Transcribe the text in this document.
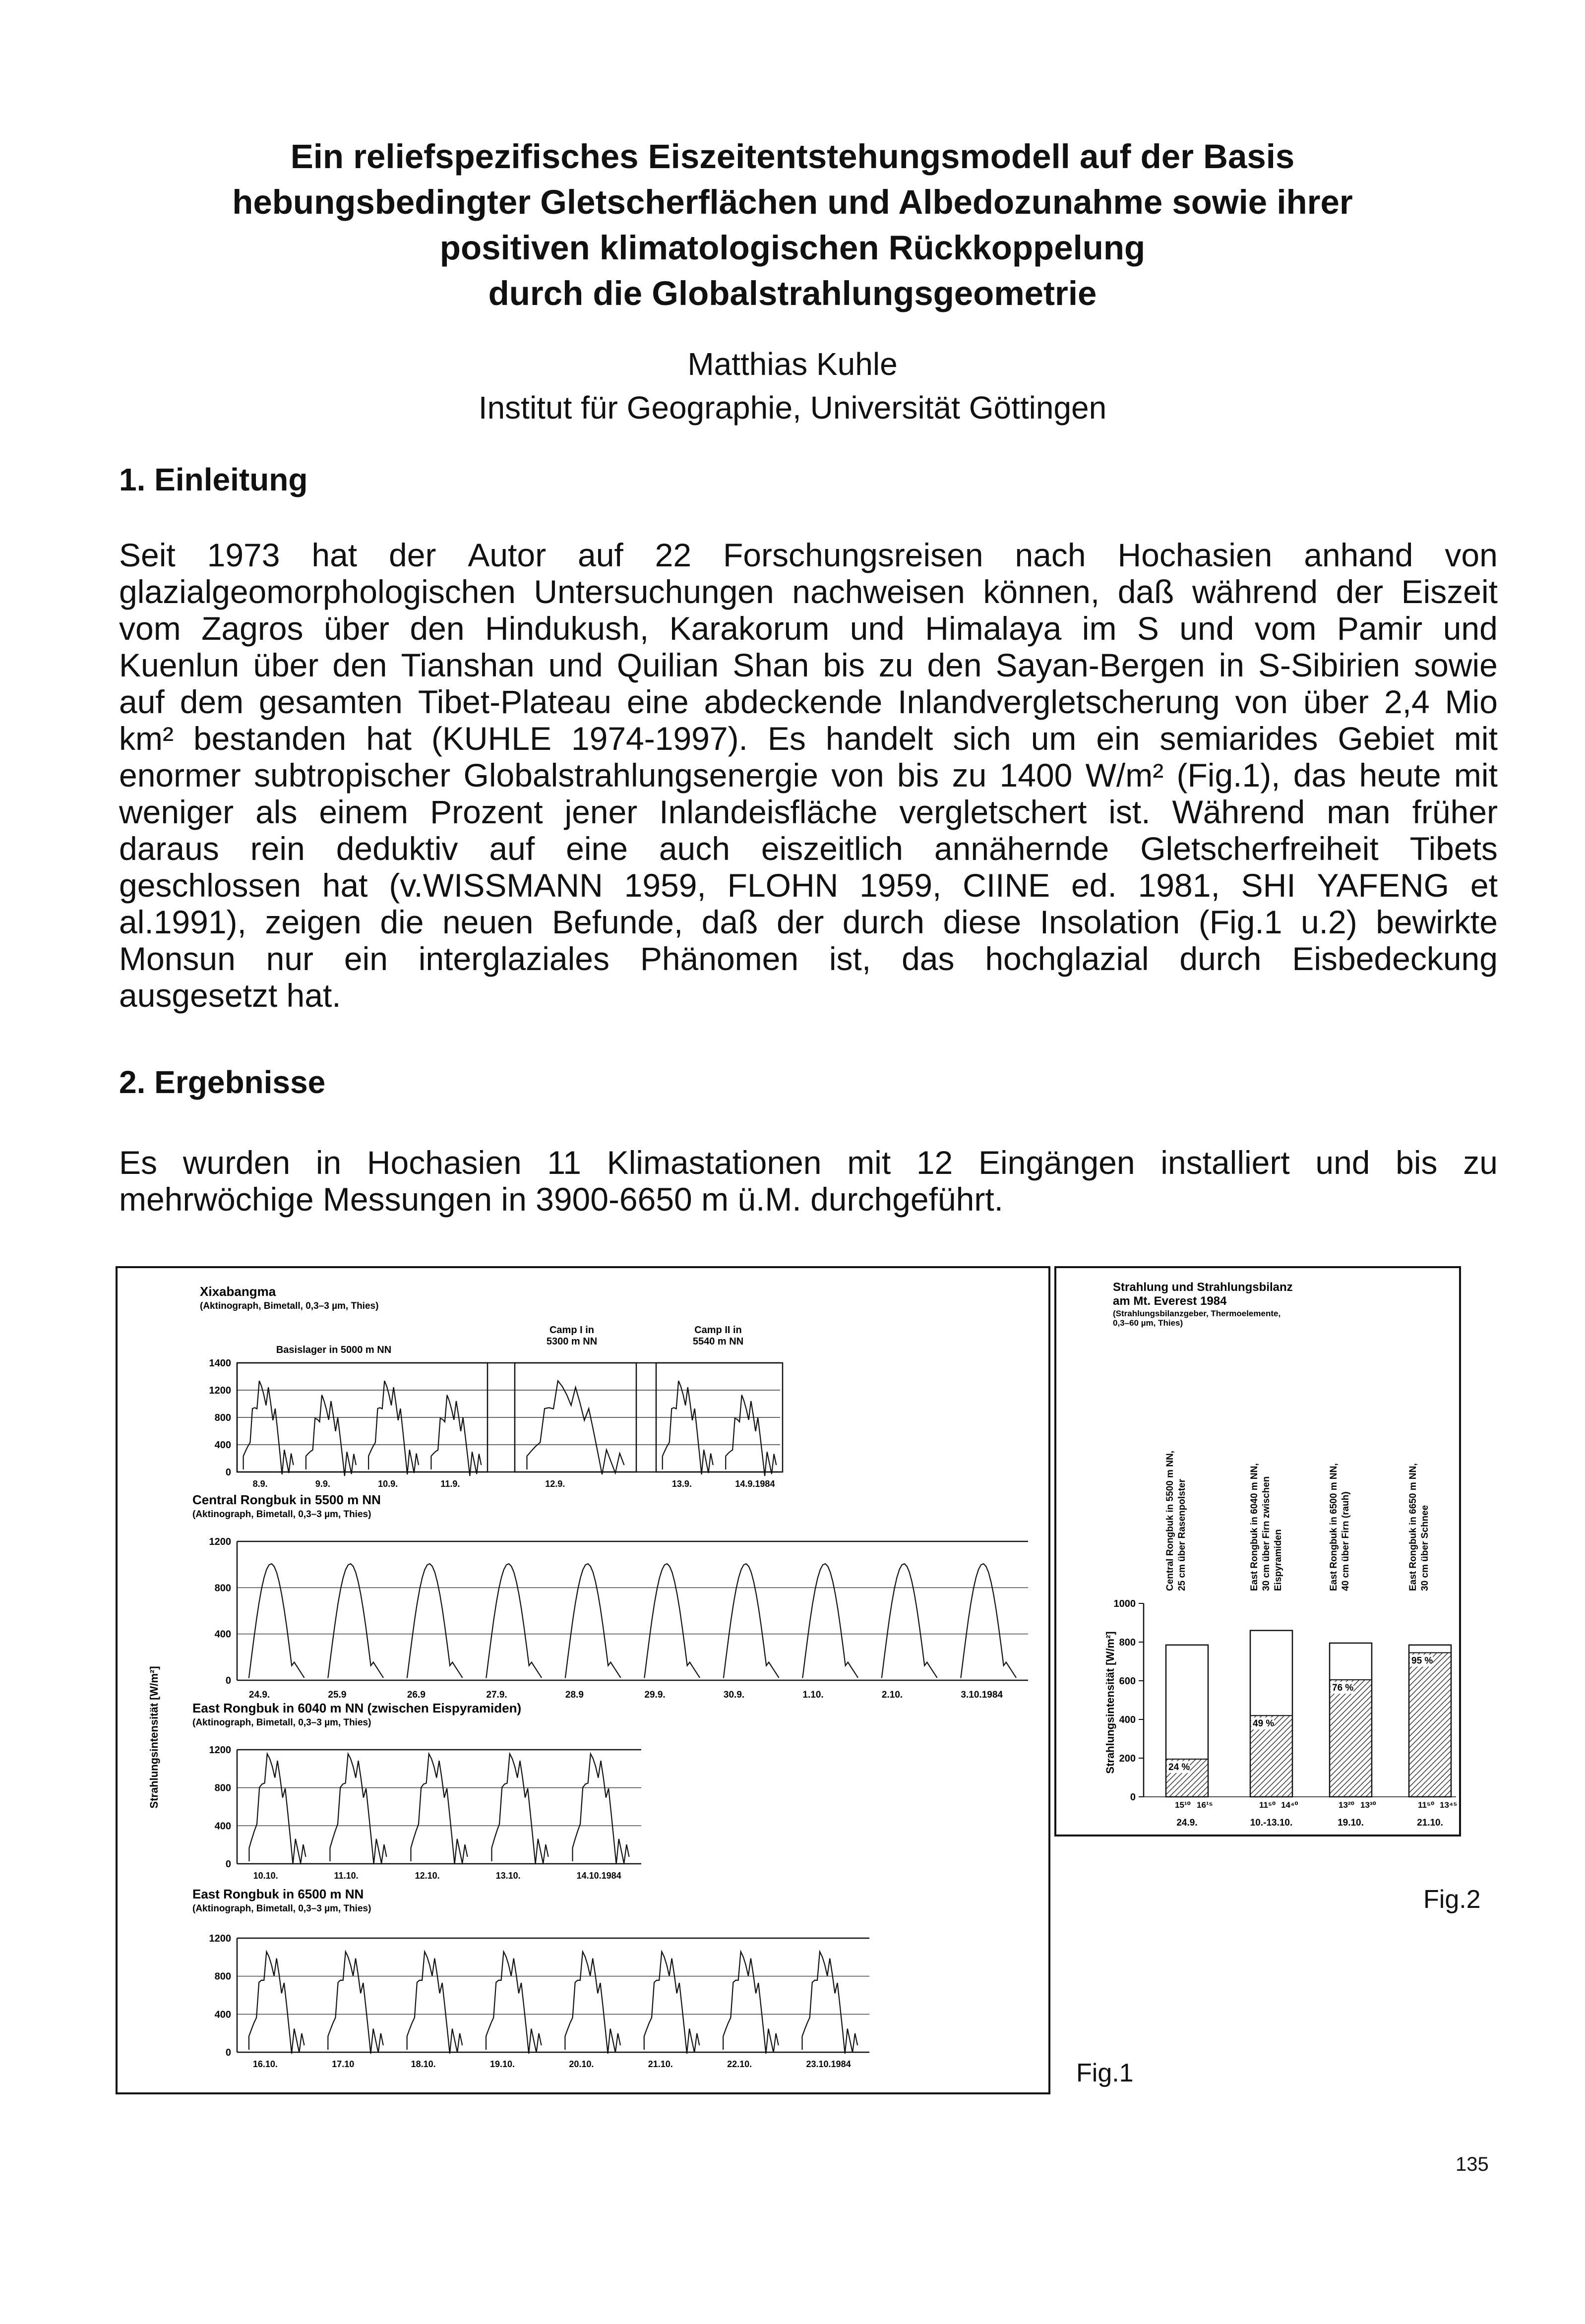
Ein reliefspezifisches Eiszeitentstehungsmodell auf der Basis
hebungsbedingter Gletscherflächen und Albedozunahme sowie ihrer
positiven klimatologischen Rückkoppelung
durch die Globalstrahlungsgeometrie
Matthias Kuhle
Institut für Geographie, Universität Göttingen
1. Einleitung
Seit 1973 hat der Autor auf 22 Forschungsreisen nach Hochasien anhand von
glazialgeomorphologischen Untersuchungen nachweisen können, daß während der Eiszeit
vom Zagros über den Hindukush, Karakorum und Himalaya im S und vom Pamir und
Kuenlun über den Tianshan und Quilian Shan bis zu den Sayan-Bergen in S-Sibirien sowie
auf dem gesamten Tibet-Plateau eine abdeckende Inlandvergletscherung von über 2,4 Mio
km² bestanden hat (KUHLE 1974-1997). Es handelt sich um ein semiarides Gebiet mit
enormer subtropischer Globalstrahlungsenergie von bis zu 1400 W/m² (Fig.1), das heute mit
weniger als einem Prozent jener Inlandeisfläche vergletschert ist. Während man früher
daraus rein deduktiv auf eine auch eiszeitlich annähernde Gletscherfreiheit Tibets
geschlossen hat (v.WISSMANN 1959, FLOHN 1959, CIINE ed. 1981, SHI YAFENG et
al.1991), zeigen die neuen Befunde, daß der durch diese Insolation (Fig.1 u.2) bewirkte
Monsun nur ein interglaziales Phänomen ist, das hochglazial durch Eisbedeckung
ausgesetzt hat.
2. Ergebnisse
Es wurden in Hochasien 11 Klimastationen mit 12 Eingängen installiert und bis zu
mehrwöchige Messungen in 3900-6650 m ü.M. durchgeführt.
Strahlungsintensität [W/m²]
Xixabangma
(Aktinograph, Bimetall, 0,3–3 µm, Thies)
1400
1200
800
400
0
Basislager in 5000 m NN
8.9.	9.9.	10.9.	11.9.
Camp I in
5300 m NN
12.9.
Camp II in
5540 m NN
13.9.	14.9.1984
Central Rongbuk in 5500 m NN
(Aktinograph, Bimetall, 0,3–3 µm, Thies)
1200
800
400
0
24.9.	25.9	26.9	27.9.	28.9	29.9.	30.9.	1.10.	2.10.	3.10.1984
East Rongbuk in 6040 m NN (zwischen Eispyramiden)
(Aktinograph, Bimetall, 0,3–3 µm, Thies)
1200
800
400
0
10.10.	11.10.	12.10.	13.10.	14.10.1984
East Rongbuk in 6500 m NN
(Aktinograph, Bimetall, 0,3–3 µm, Thies)
1200
800
400
0
16.10.	17.10	18.10.	19.10.	20.10.	21.10.	22.10.	23.10.1984	Fig.1
Strahlung und Strahlungsbilanz
am Mt. Everest 1984
(Strahlungsbilanzgeber, Thermoelemente,
0,3–60 µm, Thies)
Strahlungsintensität [W/m²]
0
200
400
600
800
1000
Central Rongbuk in 5500 m NN, 25 cm über Rasenpolster
24 %
15¹⁰ 16¹⁵
24.9.
East Rongbuk in 6040 m NN, 30 cm über Firn zwischen Eispyramiden
49 %
11⁵⁰ 14⁴⁰
10.-13.10.
East Rongbuk in 6500 m NN, 40 cm über Firn (rauh)
76 %
13²⁰ 13³⁰
19.10.
East Rongbuk in 6650 m NN, 30 cm über Schnee
95 %
11⁵⁰ 13⁴⁵
21.10.
Fig.2
135
